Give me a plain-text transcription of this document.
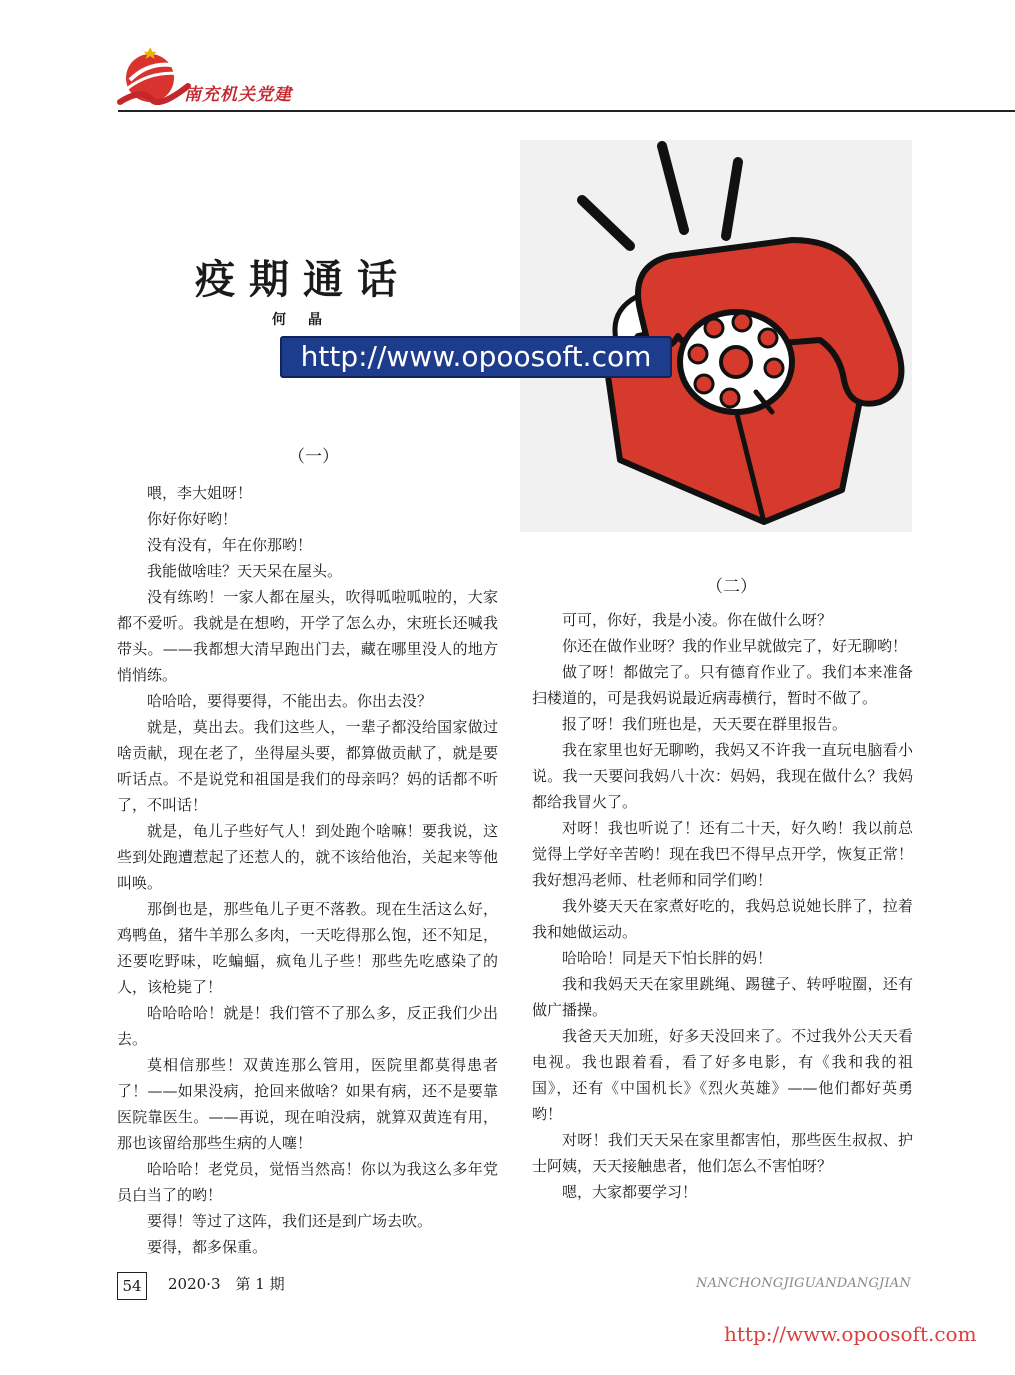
南充机关党建
疫期通话
何晶
http://www.opoosoft.com
（一）
（二）

喂，李大姐呀！

你好你好哟！

没有没有，年在你那哟！

我能做啥哇？天天呆在屋头。

没有练哟！一家人都在屋头，吹得呱啦呱啦的，大家都不爱听。我就是在想哟，开学了怎么办，宋班长还喊我带头。——我都想大清早跑出门去，藏在哪里没人的地方悄悄练。

哈哈哈，要得要得，不能出去。你出去没？

就是，莫出去。我们这些人，一辈子都没给国家做过啥贡献，现在老了，坐得屋头要，都算做贡献了，就是要听话点。不是说党和祖国是我们的母亲吗？妈的话都不听了，不叫话！

就是，龟儿子些好气人！到处跑个啥嘛！要我说，这些到处跑遭惹起了还惹人的，就不该给他治，关起来等他叫唤。

那倒也是，那些龟儿子更不落教。现在生活这么好，鸡鸭鱼，猪牛羊那么多肉，一天吃得那么饱，还不知足，还要吃野味，吃蝙蝠，疯龟儿子些！那些先吃感染了的人，该枪毙了！

哈哈哈哈！就是！我们管不了那么多，反正我们少出去。

莫相信那些！双黄连那么管用，医院里都莫得患者了！——如果没病，抢回来做啥？如果有病，还不是要靠医院靠医生。——再说，现在咱没病，就算双黄连有用，那也该留给那些生病的人噻！

哈哈哈！老党员，觉悟当然高！你以为我这么多年党员白当了的哟！

要得！等过了这阵，我们还是到广场去吹。

要得，都多保重。

可可，你好，我是小凌。你在做什么呀？

你还在做作业呀？我的作业早就做完了，好无聊哟！

做了呀！都做完了。只有德育作业了。我们本来准备扫楼道的，可是我妈说最近病毒横行，暂时不做了。

报了呀！我们班也是，天天要在群里报告。

我在家里也好无聊哟，我妈又不许我一直玩电脑看小说。我一天要问我妈八十次：妈妈，我现在做什么？我妈都给我冒火了。

对呀！我也听说了！还有二十天，好久哟！我以前总觉得上学好辛苦哟！现在我巴不得早点开学，恢复正常！我好想冯老师、杜老师和同学们哟！

我外婆天天在家煮好吃的，我妈总说她长胖了，拉着我和她做运动。

哈哈哈！同是天下怕长胖的妈！

我和我妈天天在家里跳绳、踢毽子、转呼啦圈，还有做广播操。

我爸天天加班，好多天没回来了。不过我外公天天看电视。我也跟着看，看了好多电影，有《我和我的祖国》，还有《中国机长》《烈火英雄》——他们都好英勇哟！

对呀！我们天天呆在家里都害怕，那些医生叔叔、护士阿姨，天天接触患者，他们怎么不害怕呀？

嗯，大家都要学习！

54	2020·3　第 1 期	NANCHONGJIGUANDANGJIAN
http://www.opoosoft.com
